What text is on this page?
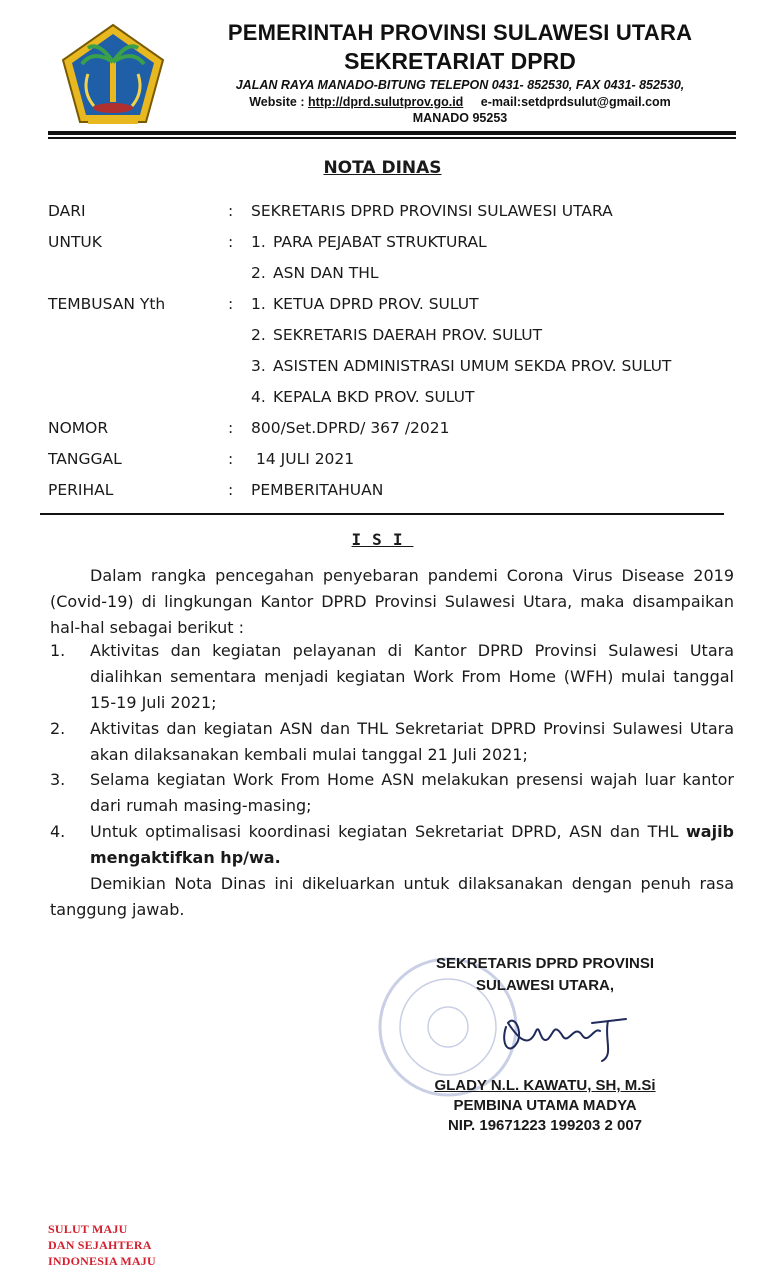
PEMERINTAH PROVINSI SULAWESI UTARA
SEKRETARIAT DPRD
JALAN RAYA MANADO-BITUNG TELEPON 0431- 852530, FAX 0431- 852530,
Website : http://dprd.sulutprov.go.id e-mail:setdprdsulut@gmail.com
MANADO 95253
NOTA DINAS
DARI	: SEKRETARIS DPRD PROVINSI SULAWESI UTARA
UNTUK	: 1. PARA PEJABAT STRUKTURAL
2. ASN DAN THL
TEMBUSAN Yth	: 1. KETUA DPRD PROV. SULUT
2. SEKRETARIS DAERAH PROV. SULUT
3. ASISTEN ADMINISTRASI UMUM SEKDA PROV. SULUT
4. KEPALA BKD PROV. SULUT
NOMOR	: 800/Set.DPRD/ 367 /2021
TANGGAL	: 14 JULI 2021
PERIHAL	: PEMBERITAHUAN
ISI
Dalam rangka pencegahan penyebaran pandemi Corona Virus Disease 2019 (Covid-19) di lingkungan Kantor DPRD Provinsi Sulawesi Utara, maka disampaikan hal-hal sebagai berikut :
1. Aktivitas dan kegiatan pelayanan di Kantor DPRD Provinsi Sulawesi Utara dialihkan sementara menjadi kegiatan Work From Home (WFH) mulai tanggal 15-19 Juli 2021;
2. Aktivitas dan kegiatan ASN dan THL Sekretariat DPRD Provinsi Sulawesi Utara akan dilaksanakan kembali mulai tanggal 21 Juli 2021;
3. Selama kegiatan Work From Home ASN melakukan presensi wajah luar kantor dari rumah masing-masing;
4. Untuk optimalisasi koordinasi kegiatan Sekretariat DPRD, ASN dan THL wajib mengaktifkan hp/wa.
Demikian Nota Dinas ini dikeluarkan untuk dilaksanakan dengan penuh rasa tanggung jawab.
SEKRETARIS DPRD PROVINSI
SULAWESI UTARA,
GLADY N.L. KAWATU, SH, M.Si
PEMBINA UTAMA MADYA
NIP. 19671223 199203 2 007
SULUT MAJU
DAN SEJAHTERA
INDONESIA MAJU
